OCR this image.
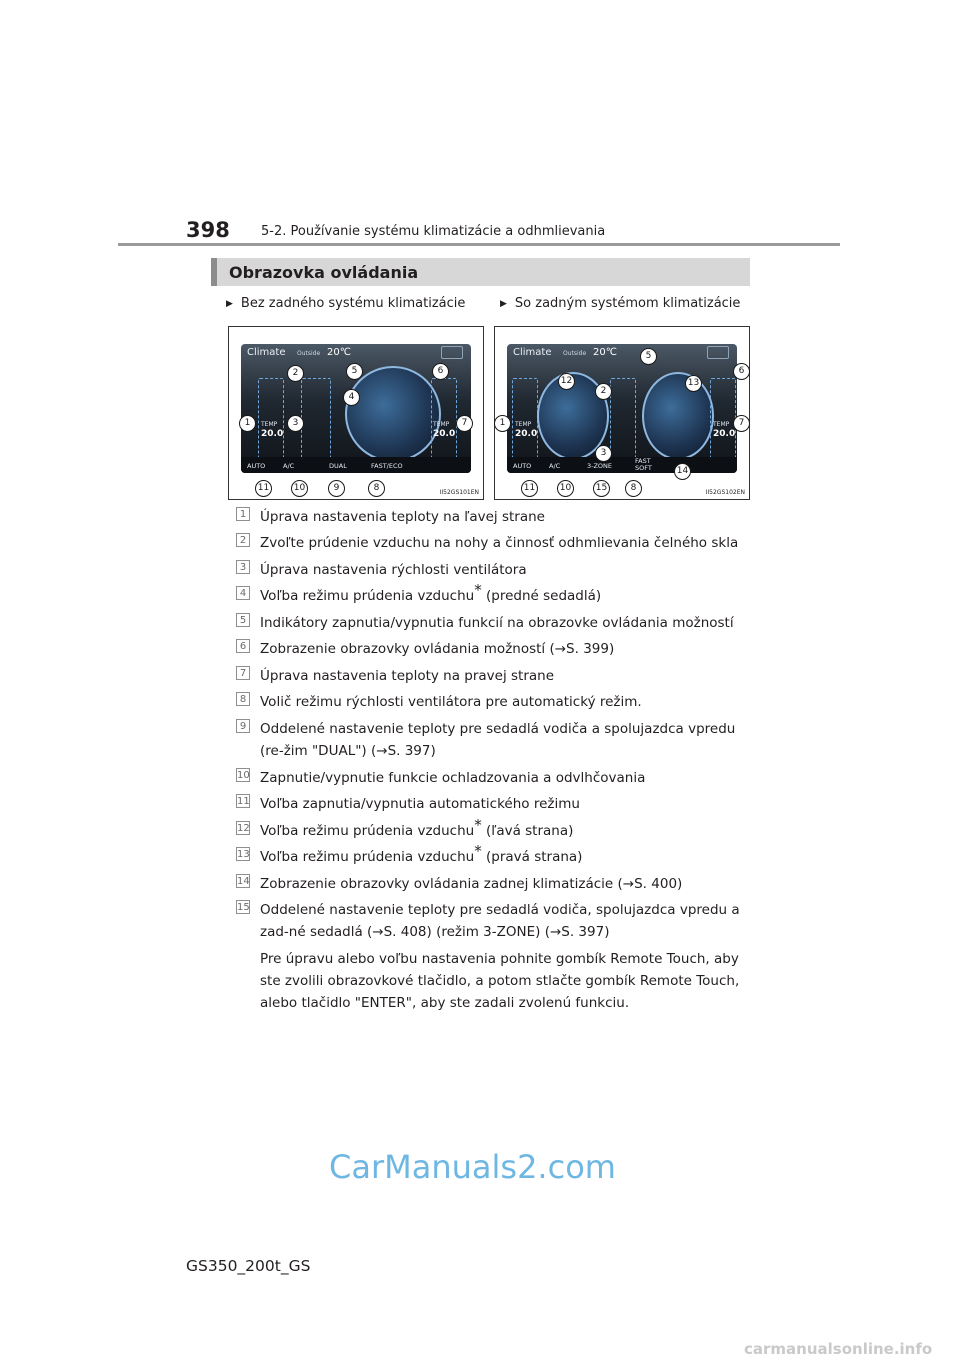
398 5-2. Používanie systému klimatizácie a odhmlievania
Obrazovka ovládania
▶ Bez zadného systému klimatizácie	▶ So zadným systémom klimatizácie
Climate Outside 20℃
TEMP
20.0
TEMP
20.0
AUTO	A/C	DUAL	FAST/ECO
1
2
3
4
5	6
7
8
9
10
11	II52GS101EN
Climate Outside 20℃
TEMP
20.0
TEMP
20.0
AUTO	A/C	3-ZONE
FAST
SOFT
1
2
3
5
6
7
8
10
11
12	13
14
15	II52GS102EN
1 Úprava nastavenia teploty na ľavej strane
2 Zvoľte prúdenie vzduchu na nohy a činnosť odhmlievania čelného skla
3 Úprava nastavenia rýchlosti ventilátora
4 Voľba režimu prúdenia vzduchu* (predné sedadlá)
5 Indikátory zapnutia/vypnutia funkcií na obrazovke ovládania možností
6 Zobrazenie obrazovky ovládania možností (→S. 399)
7 Úprava nastavenia teploty na pravej strane
8 Volič režimu rýchlosti ventilátora pre automatický režim.
9 Oddelené nastavenie teploty pre sedadlá vodiča a spolujazdca vpredu (re-žim "DUAL") (→S. 397)
10 Zapnutie/vypnutie funkcie ochladzovania a odvlhčovania
11 Voľba zapnutia/vypnutia automatického režimu
12 Voľba režimu prúdenia vzduchu* (ľavá strana)
13 Voľba režimu prúdenia vzduchu* (pravá strana)
14 Zobrazenie obrazovky ovládania zadnej klimatizácie (→S. 400)
15 Oddelené nastavenie teploty pre sedadlá vodiča, spolujazdca vpredu a zad-né sedadlá (→S. 408) (režim 3-ZONE) (→S. 397)
Pre úpravu alebo voľbu nastavenia pohnite gombík Remote Touch, aby ste zvolili obrazovkové tlačidlo, a potom stlačte gombík Remote Touch, alebo tlačidlo "ENTER", aby ste zadali zvolenú funkciu.
CarManuals2.com
GS350_200t_GS
carmanualsonline.info
